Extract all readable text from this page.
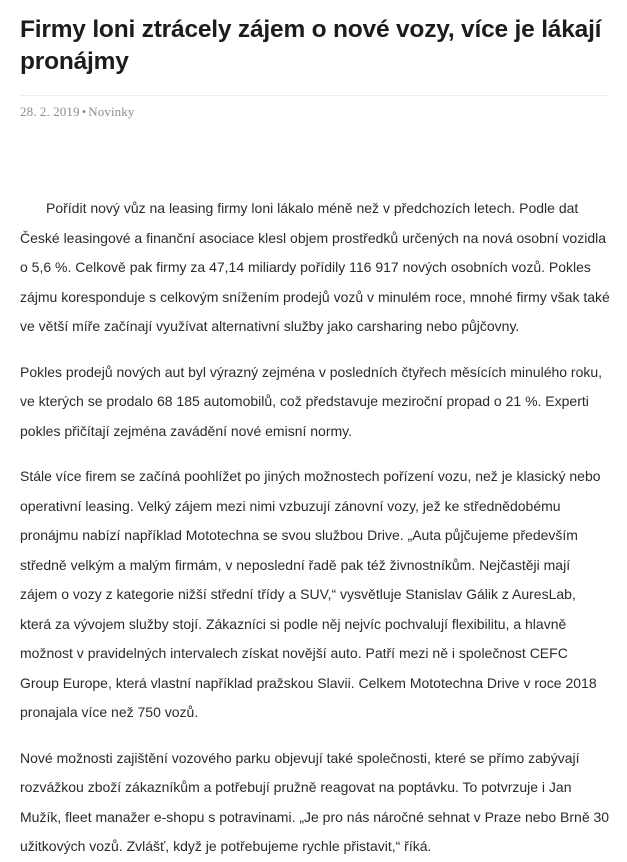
Firmy loni ztrácely zájem o nové vozy, více je lákají pronájmy
28. 2. 2019 • Novinky

Pořídit nový vůz na leasing firmy loni lákalo méně než v předchozích letech. Podle dat České leasingové a finanční asociace klesl objem prostředků určených na nová osobní vozidla o 5,6 %. Celkově pak firmy za 47,14 miliardy pořídily 116 917 nových osobních vozů. Pokles zájmu koresponduje s celkovým snížením prodejů vozů v minulém roce, mnohé firmy však také ve větší míře začínají využívat alternativní služby jako carsharing nebo půjčovny.

Pokles prodejů nových aut byl výrazný zejména v posledních čtyřech měsících minulého roku, ve kterých se prodalo 68 185 automobilů, což představuje meziroční propad o 21 %. Experti pokles přičítají zejména zavádění nové emisní normy.

Stále více firem se začíná poohlížet po jiných možnostech pořízení vozu, než je klasický nebo operativní leasing. Velký zájem mezi nimi vzbuzují zánovní vozy, jež ke střednědobému pronájmu nabízí například Mototechna se svou službou Drive. „Auta půjčujeme především středně velkým a malým firmám, v neposlední řadě pak též živnostníkům. Nejčastěji mají zájem o vozy z kategorie nižší střední třídy a SUV,“ vysvětluje Stanislav Gálik z AuresLab, která za vývojem služby stojí. Zákazníci si podle něj nejvíc pochvalují flexibilitu, a hlavně možnost v pravidelných intervalech získat novější auto. Patří mezi ně i společnost CEFC Group Europe, která vlastní například pražskou Slavii. Celkem Mototechna Drive v roce 2018 pronajala více než 750 vozů.

Nové možnosti zajištění vozového parku objevují také společnosti, které se přímo zabývají rozvážkou zboží zákazníkům a potřebují pružně reagovat na poptávku. To potvrzuje i Jan Mužík, fleet manažer e-shopu s potravinami. „Je pro nás náročné sehnat v Praze nebo Brně 30 užitkových vozů. Zvlášť, když je potřebujeme rychle přistavit,“ říká.
